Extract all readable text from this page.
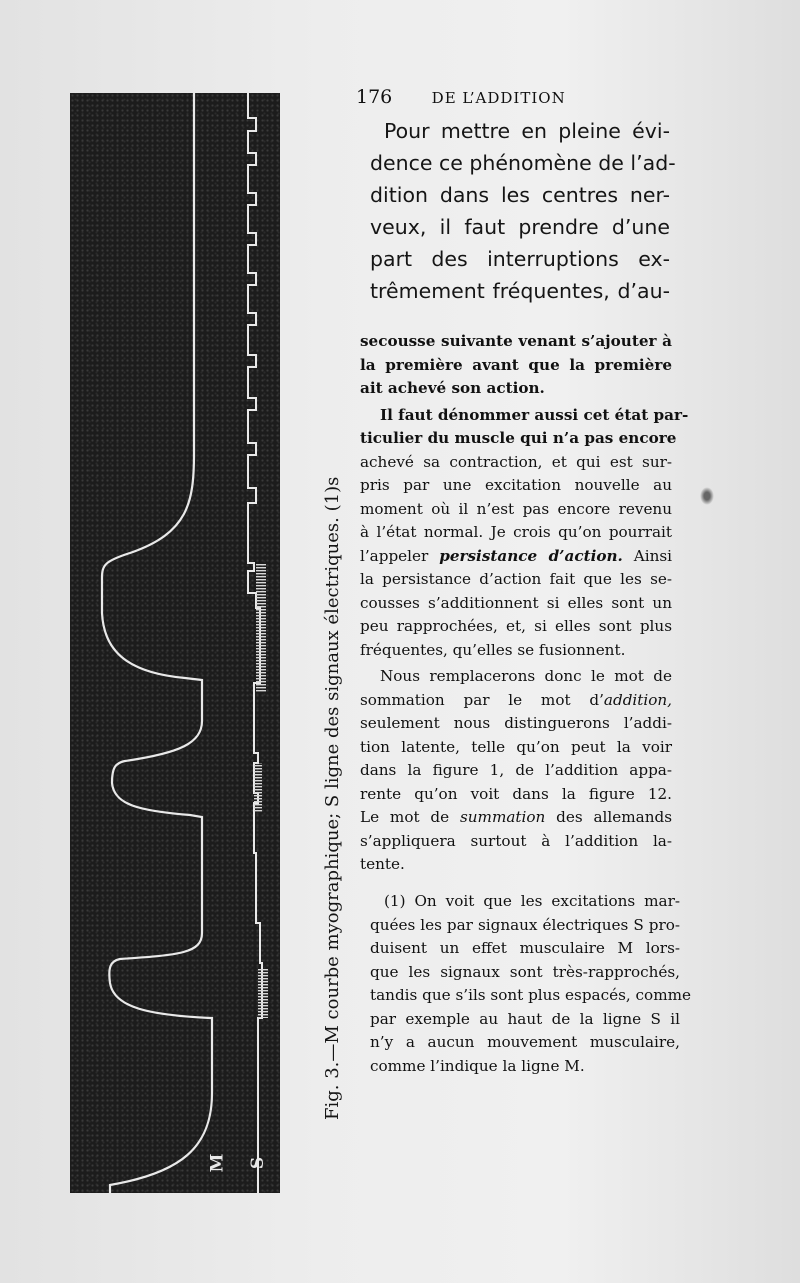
M S
Fig. 3.—M courbe myographique; S ligne des signaux électriques. (1)s
176	DE L’ADDITION
Pour mettre en pleine évi-
dence ce phénomène de l’ad-
dition dans les centres ner-
veux, il faut prendre d’une
part des interruptions ex-
trêmement fréquentes, d’au-
secousse suivante venant s’ajouter à
la première avant que la première
ait achevé son action.
Il faut dénommer aussi cet état par-
ticulier du muscle qui n’a pas encore
achevé sa contraction, et qui est sur-
pris par une excitation nouvelle au
moment où il n’est pas encore revenu
à l’état normal. Je crois qu’on pourrait
l’appeler persistance d’action. Ainsi
la persistance d’action fait que les se-
cousses s’additionnent si elles sont un
peu rapprochées, et, si elles sont plus
fréquentes, qu’elles se fusionnent.
Nous remplacerons donc le mot de
sommation par le mot d’addition,
seulement nous distinguerons l’addi-
tion latente, telle qu’on peut la voir
dans la figure 1, de l’addition appa-
rente qu’on voit dans la figure 12.
Le mot de summation des allemands
s’appliquera surtout à l’addition la-
tente.
(1) On voit que les excitations mar-
quées les par signaux électriques S pro-
duisent un effet musculaire M lors-
que les signaux sont très-rapprochés,
tandis que s’ils sont plus espacés, comme
par exemple au haut de la ligne S il
n’y a aucun mouvement musculaire,
comme l’indique la ligne M.
